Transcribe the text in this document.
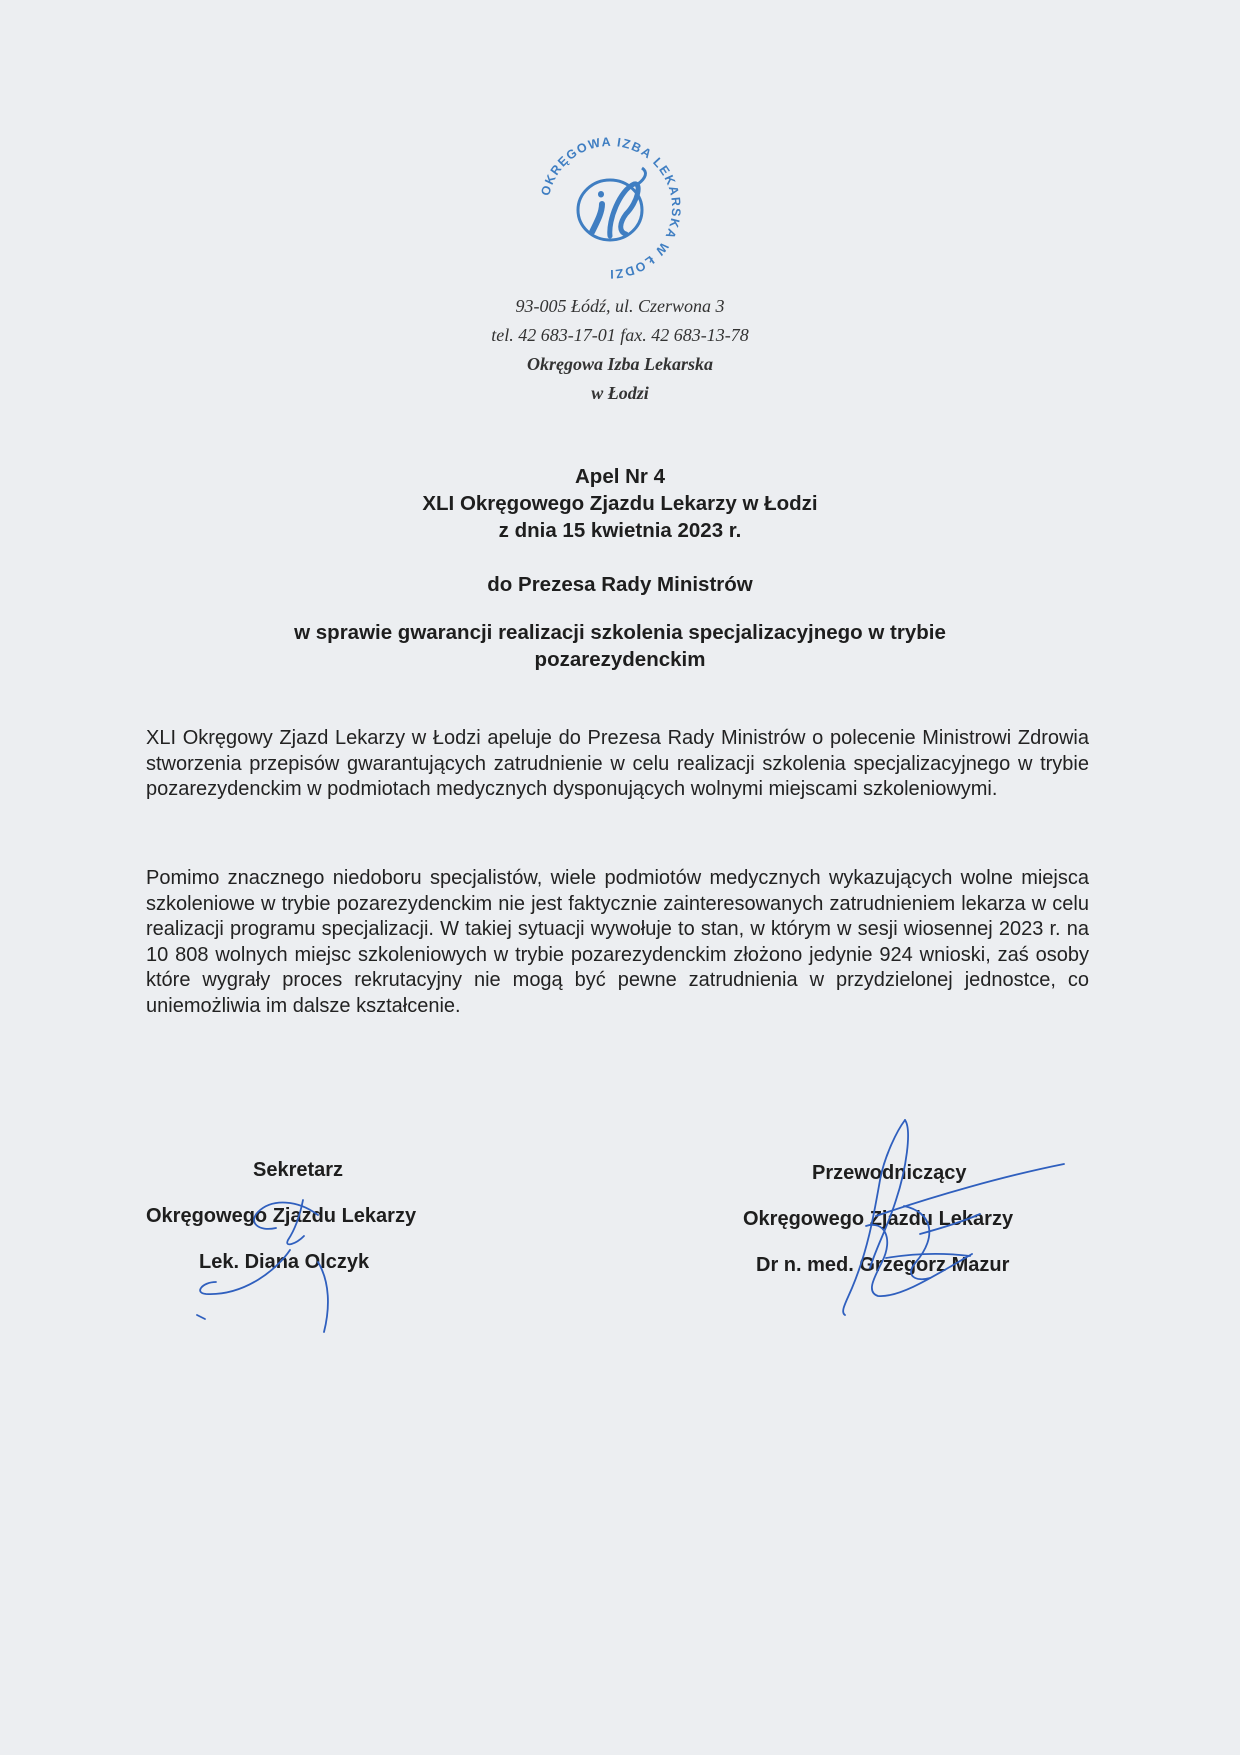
OKRĘGOWA IZBA LEKARSKA W ŁODZI
93-005 Łódź, ul. Czerwona 3
tel. 42 683-17-01 fax. 42 683-13-78
Okręgowa Izba Lekarska
w Łodzi
Apel Nr 4
XLI Okręgowego Zjazdu Lekarzy w Łodzi
z dnia 15 kwietnia 2023 r.
do Prezesa Rady Ministrów
w sprawie gwarancji realizacji szkolenia specjalizacyjnego w trybie
pozarezydenckim
XLI Okręgowy Zjazd Lekarzy w Łodzi apeluje do Prezesa Rady Ministrów o polecenie Ministrowi Zdrowia stworzenia przepisów gwarantujących zatrudnienie w celu realizacji szkolenia specjalizacyjnego w trybie pozarezydenckim w podmiotach medycznych dysponujących wolnymi miejscami szkoleniowymi.
Pomimo znacznego niedoboru specjalistów, wiele podmiotów medycznych wykazujących wolne miejsca szkoleniowe w trybie pozarezydenckim nie jest faktycznie zainteresowanych zatrudnieniem lekarza w celu realizacji programu specjalizacji. W takiej sytuacji wywołuje to stan, w którym w sesji wiosennej 2023 r. na 10 808 wolnych miejsc szkoleniowych w trybie pozarezydenckim złożono jedynie 924 wnioski, zaś osoby które wygrały proces rekrutacyjny nie mogą być pewne zatrudnienia w przydzielonej jednostce, co uniemożliwia im dalsze kształcenie.
Sekretarz
Okręgowego Zjazdu Lekarzy
Lek. Diana Olczyk
Przewodniczący
Okręgowego Zjazdu Lekarzy
Dr n. med. Grzegorz Mazur
